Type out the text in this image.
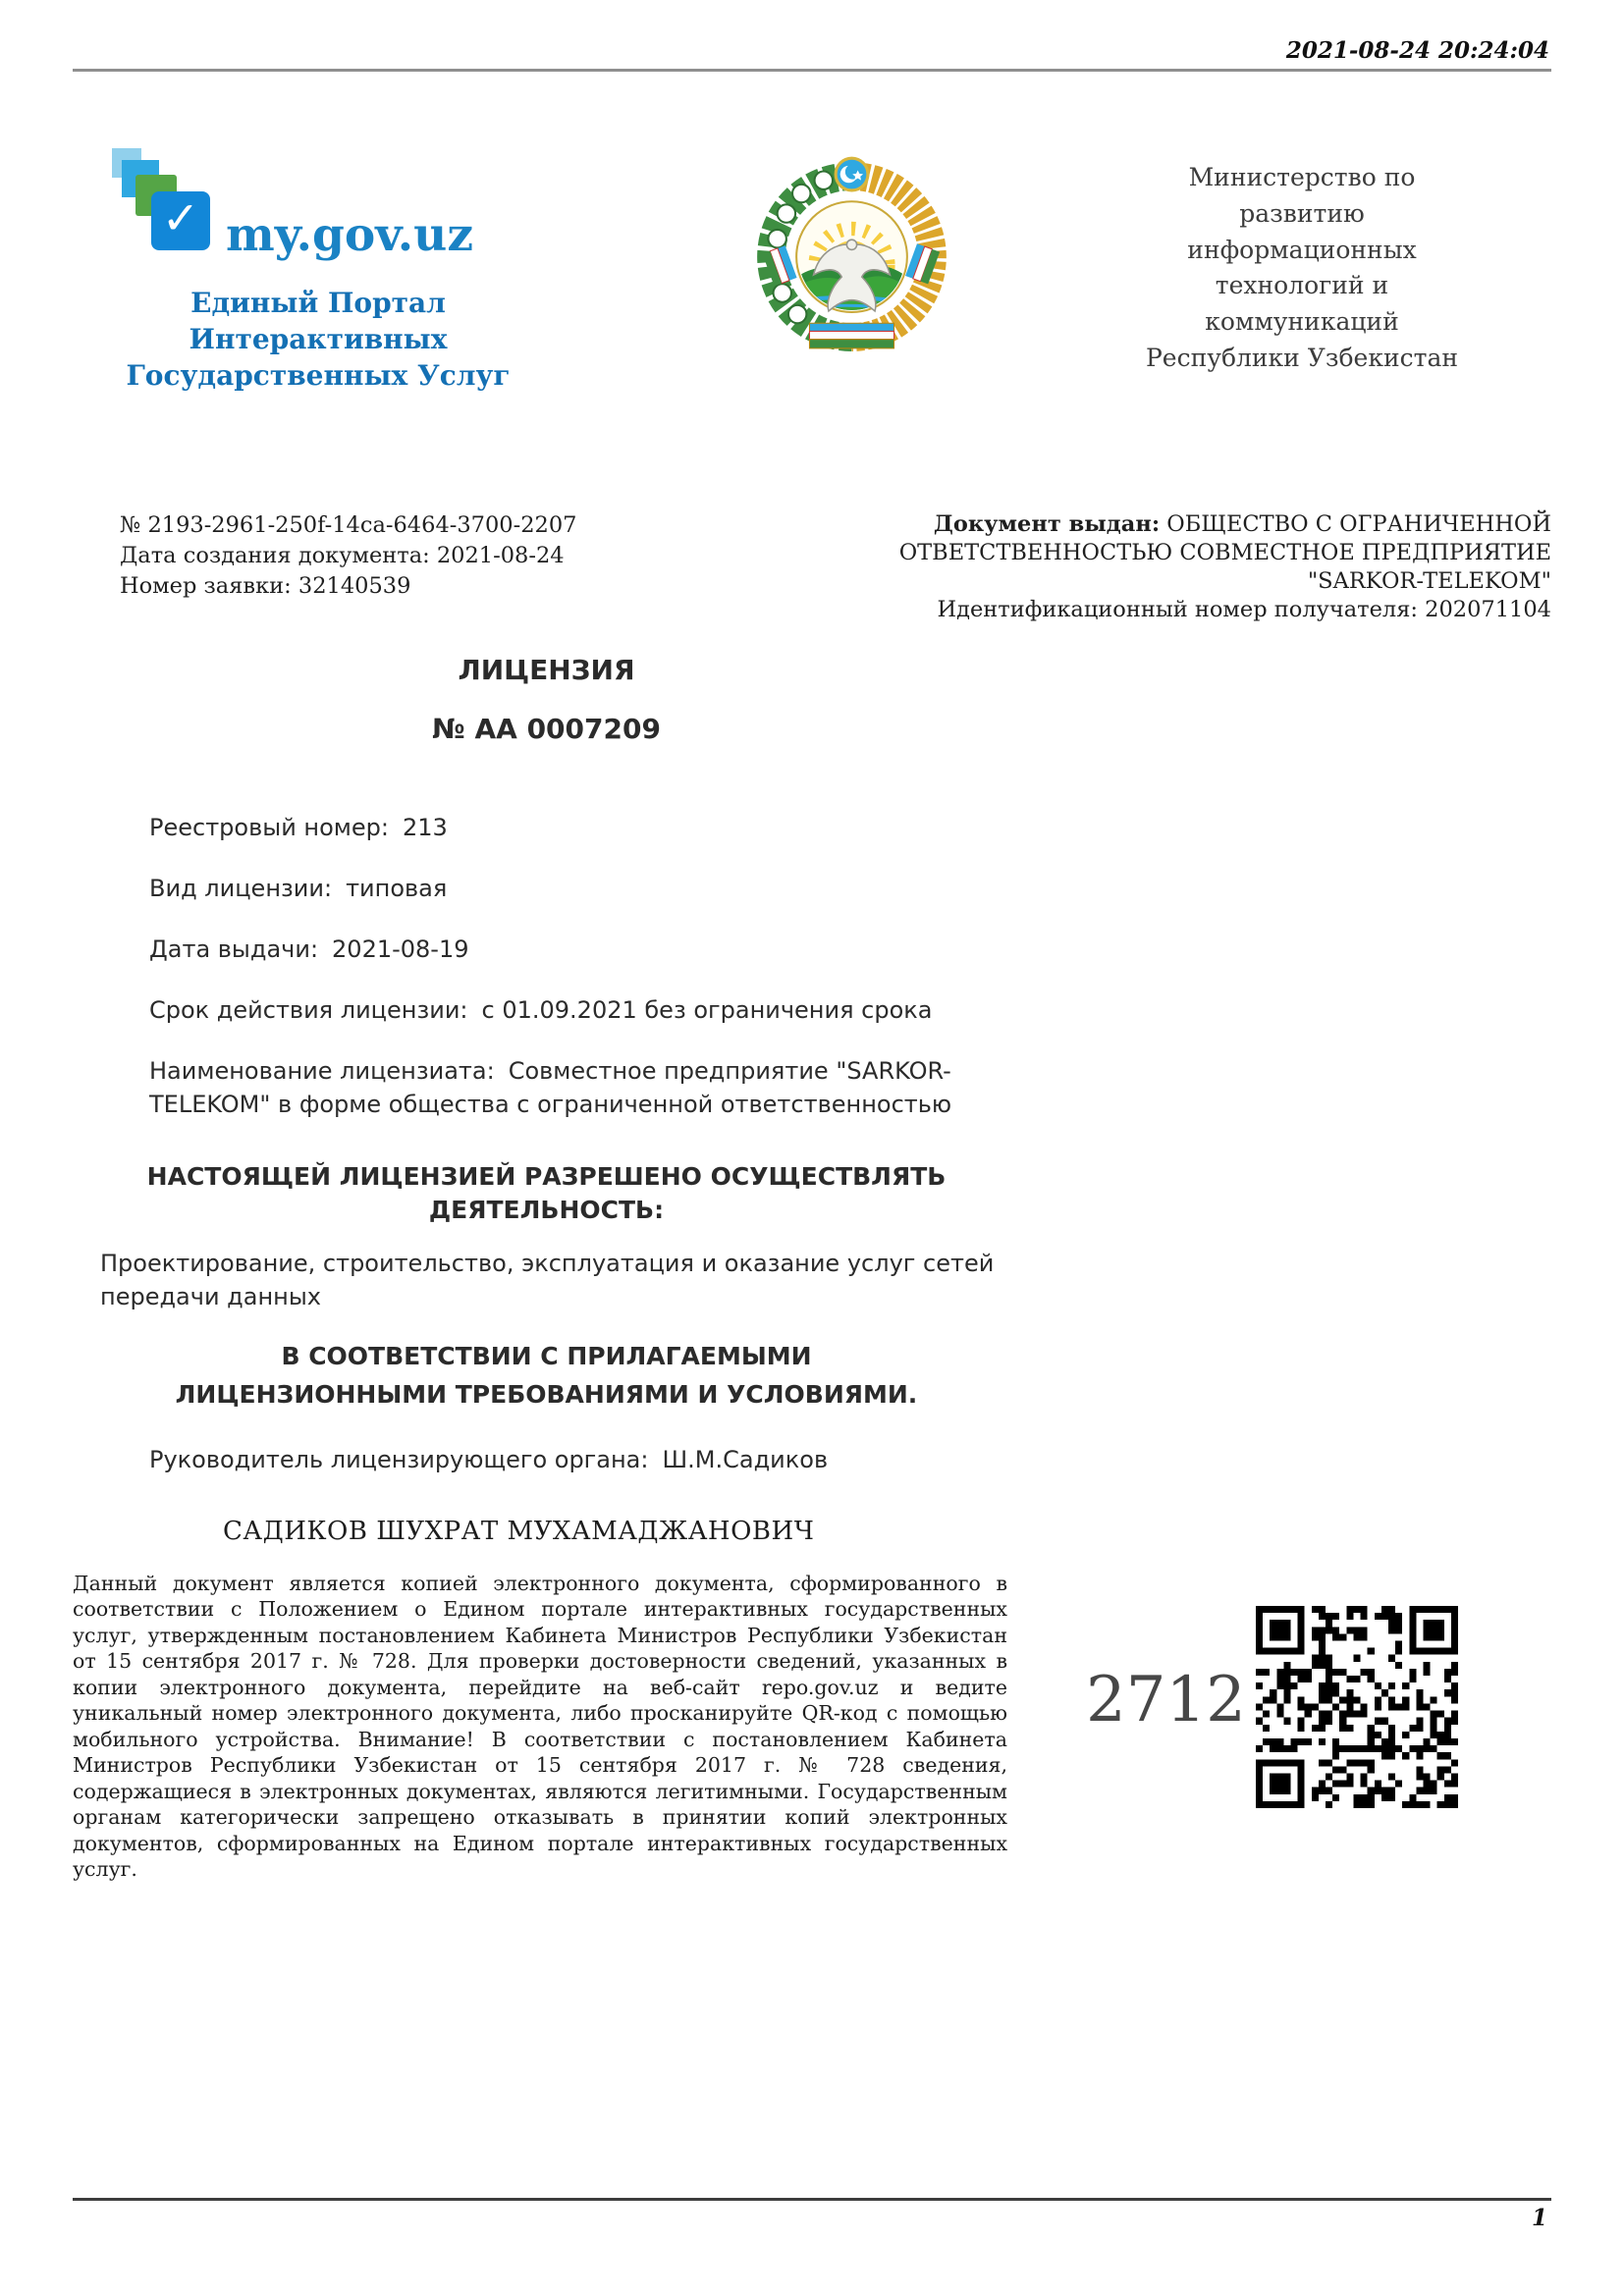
2021-08-24 20:24:04
✓ my.gov.uz
Единый Портал Интерактивных
Государственных Услуг
Министерство по развитию информационных технологий и коммуникаций Республики Узбекистан
№ 2193-2961-250f-14ca-6464-3700-2207
Дата создания документа: 2021-08-24
Номер заявки: 32140539
Документ выдан: ОБЩЕСТВО С ОГРАНИЧЕННОЙ ОТВЕТСТВЕННОСТЬЮ СОВМЕСТНОЕ ПРЕДПРИЯТИЕ "SARKOR-TELEKOM"
Идентификационный номер получателя: 202071104
ЛИЦЕНЗИЯ
№ АА 0007209
Реестровый номер: 213
Вид лицензии: типовая
Дата выдачи: 2021-08-19
Срок действия лицензии: с 01.09.2021 без ограничения срока
Наименование лицензиата: Совместное предприятие "SARKOR-TELEKOM" в форме общества с ограниченной ответственностью
НАСТОЯЩЕЙ ЛИЦЕНЗИЕЙ РАЗРЕШЕНО ОСУЩЕСТВЛЯТЬ ДЕЯТЕЛЬНОСТЬ:
Проектирование, строительство, эксплуатация и оказание услуг сетей передачи данных
В СООТВЕТСТВИИ С ПРИЛАГАЕМЫМИ ЛИЦЕНЗИОННЫМИ ТРЕБОВАНИЯМИ И УСЛОВИЯМИ.
Руководитель лицензирующего органа: Ш.М.Садиков
САДИКОВ ШУХРАТ МУХАМАДЖАНОВИЧ
Данный документ является копией электронного документа, сформированного в соответствии с Положением о Едином портале интерактивных государственных услуг, утвержденным постановлением Кабинета Министров Республики Узбекистан от 15 сентября 2017 г. № 728. Для проверки достоверности сведений, указанных в копии электронного документа, перейдите на веб-сайт repo.gov.uz и ведите уникальный номер электронного документа, либо просканируйте QR-код с помощью мобильного устройства. Внимание! В соответствии с постановлением Кабинета Министров Республики Узбекистан от 15 сентября 2017 г. № 728 сведения, содержащиеся в электронных документах, являются легитимными. Государственным органам категорически запрещено отказывать в принятии копий электронных документов, сформированных на Едином портале интерактивных государственных услуг.
2712
1
